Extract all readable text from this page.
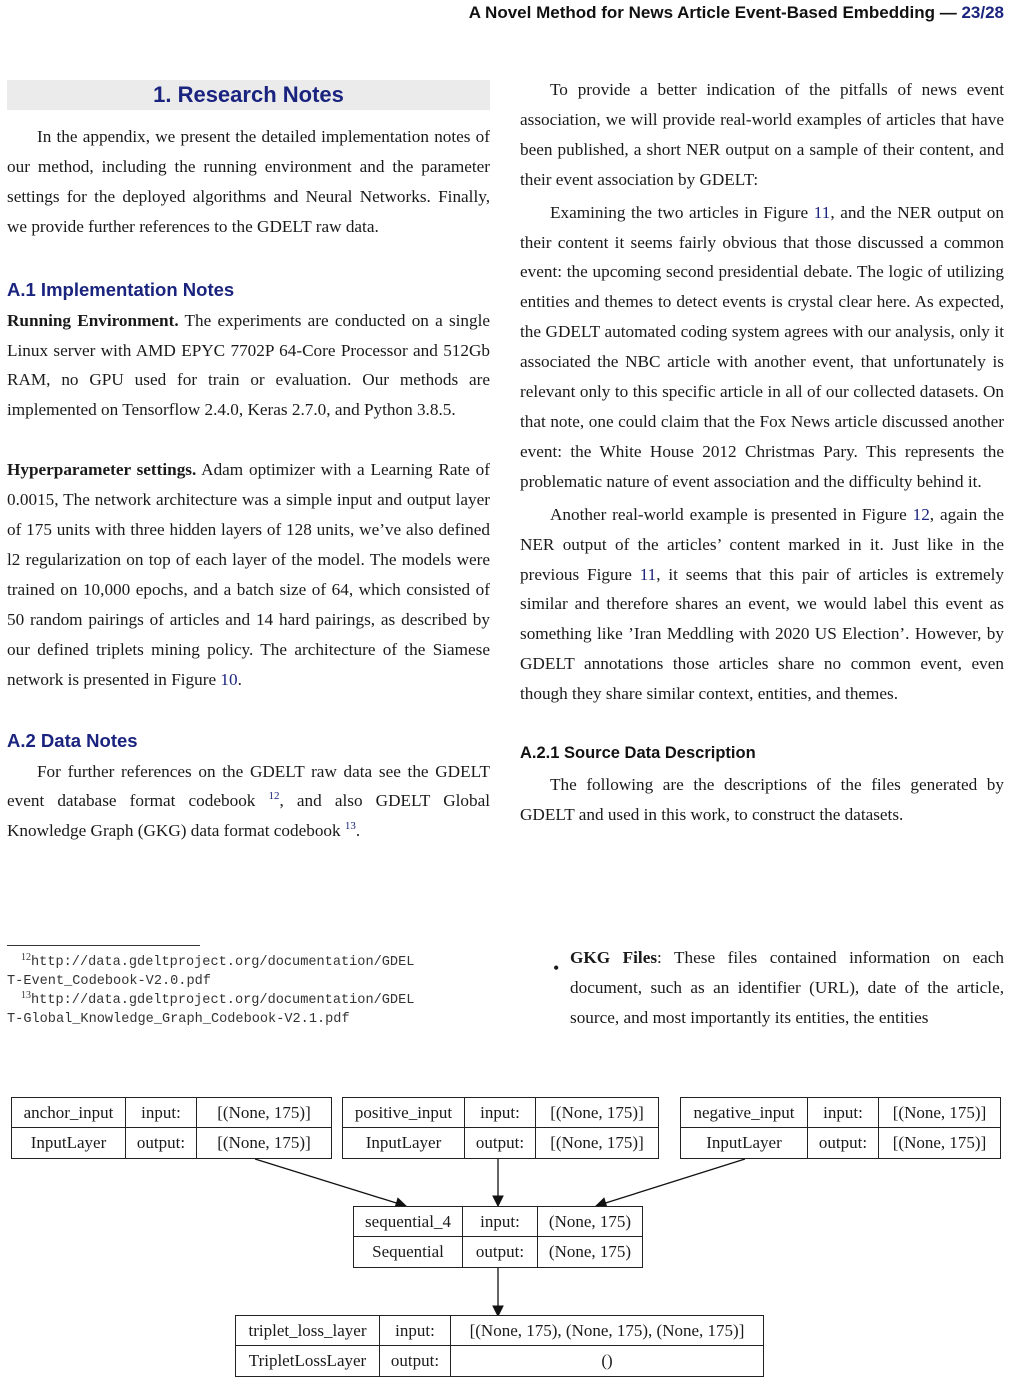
A Novel Method for News Article Event-Based Embedding — 23/28
1. Research Notes

In the appendix, we present the detailed implementation notes of our method, including the running environment and the parameter settings for the deployed algorithms and Neural Networks. Finally, we provide further references to the GDELT raw data.

A.1 Implementation Notes

Running Environment. The experiments are conducted on a single Linux server with AMD EPYC 7702P 64-Core Processor and 512Gb RAM, no GPU used for train or evaluation. Our methods are implemented on Tensorflow 2.4.0, Keras 2.7.0, and Python 3.8.5.

Hyperparameter settings. Adam optimizer with a Learning Rate of 0.0015, The network architecture was a simple input and output layer of 175 units with three hidden layers of 128 units, we’ve also defined l2 regularization on top of each layer of the model. The models were trained on 10,000 epochs, and a batch size of 64, which consisted of 50 random pairings of articles and 14 hard pairings, as described by our defined triplets mining policy. The architecture of the Siamese network is presented in Figure 10.

A.2 Data Notes

For further references on the GDELT raw data see the GDELT event database format codebook $^{12}$, and also GDELT Global Knowledge Graph (GKG) data format codebook $^{13}$.

$^{12}$http://data.gdeltproject.org/documentation/GDEL
T-Event_Codebook-V2.0.pdf
$^{13}$http://data.gdeltproject.org/documentation/GDEL
T-Global_Knowledge_Graph_Codebook-V2.1.pdf

To provide a better indication of the pitfalls of news event association, we will provide real-world examples of articles that have been published, a short NER output on a sample of their content, and their event association by GDELT:

Examining the two articles in Figure 11, and the NER output on their content it seems fairly obvious that those discussed a common event: the upcoming second presidential debate. The logic of utilizing entities and themes to detect events is crystal clear here. As expected, the GDELT automated coding system agrees with our analysis, only it associated the NBC article with another event, that unfortunately is relevant only to this specific article in all of our collected datasets. On that note, one could claim that the Fox News article discussed another event: the White House 2012 Christmas Pary. This represents the problematic nature of event association and the difficulty behind it.

Another real-world example is presented in Figure 12, again the NER output of the articles’ content marked in it. Just like in the previous Figure 11, it seems that this pair of articles is extremely similar and therefore shares an event, we would label this event as something like ’Iran Meddling with 2020 US Election’. However, by GDELT annotations those articles share no common event, even though they share similar context, entities, and themes.

A.2.1 Source Data Description

The following are the descriptions of the files generated by GDELT and used in this work, to construct the datasets.

•

GKG Files: These files contained information on each document, such as an identifier (URL), date of the article, source, and most importantly its entities, the entities

anchor_input	input:	[(None, 175)]
InputLayer	output:	[(None, 175)]
positive_input	input:	[(None, 175)]
InputLayer	output:	[(None, 175)]
negative_input	input:	[(None, 175)]
InputLayer	output:	[(None, 175)]
sequential_4	input:	(None, 175)
Sequential	output:	(None, 175)
triplet_loss_layer	input:	[(None, 175), (None, 175), (None, 175)]
TripletLossLayer	output:	()
